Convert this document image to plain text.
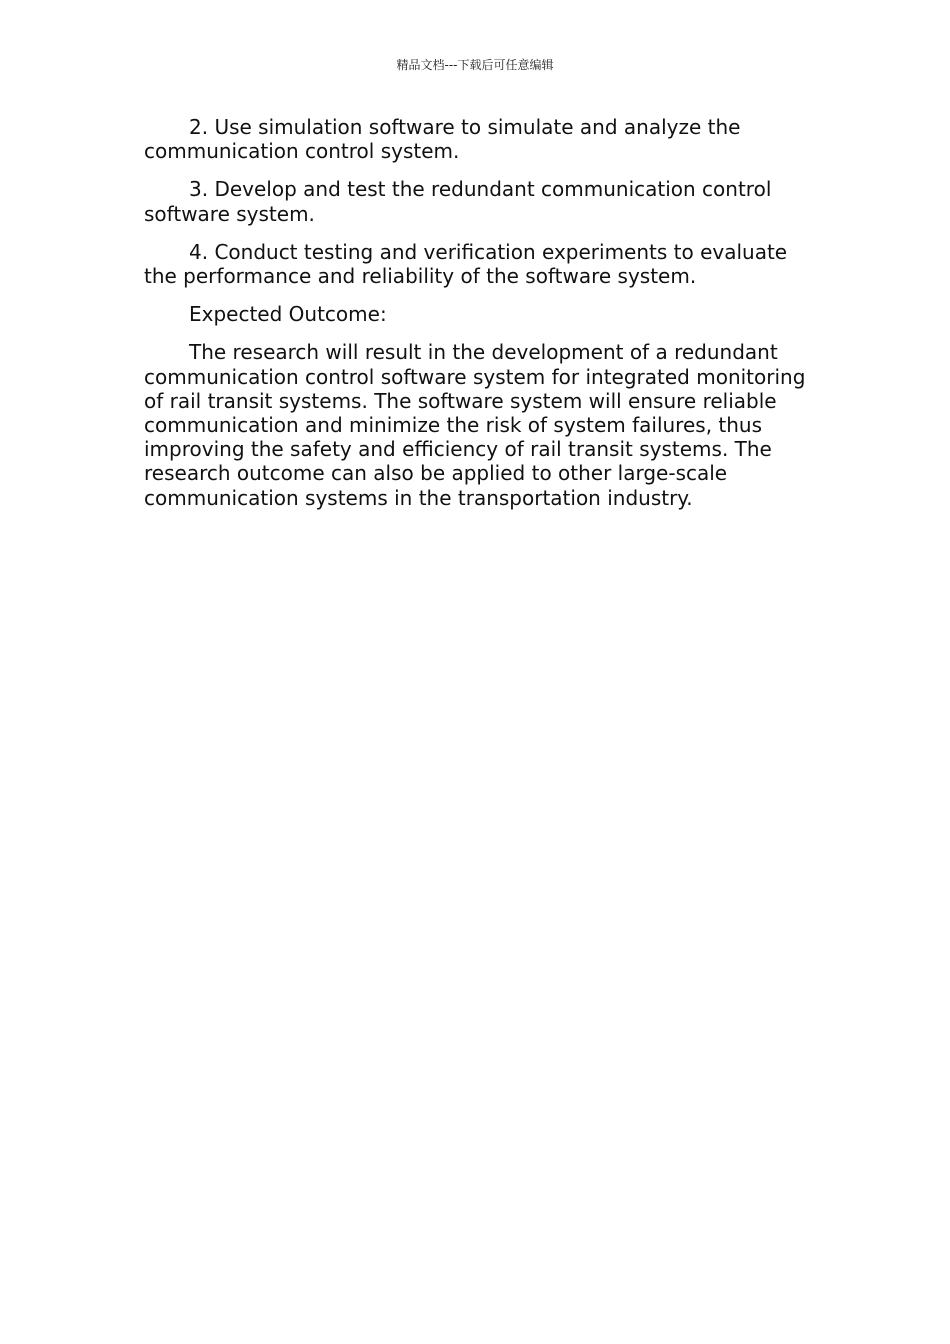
精品文档---下载后可任意编辑

2. Use simulation software to simulate and analyze the communication control system.

3. Develop and test the redundant communication control software system.

4. Conduct testing and verification experiments to evaluate the performance and reliability of the software system.

Expected Outcome:

The research will result in the development of a redundant communication control software system for integrated monitoring of rail transit systems. The software system will ensure reliable communication and minimize the risk of system failures, thus improving the safety and efficiency of rail transit systems. The research outcome can also be applied to other large-scale communication systems in the transportation industry.
